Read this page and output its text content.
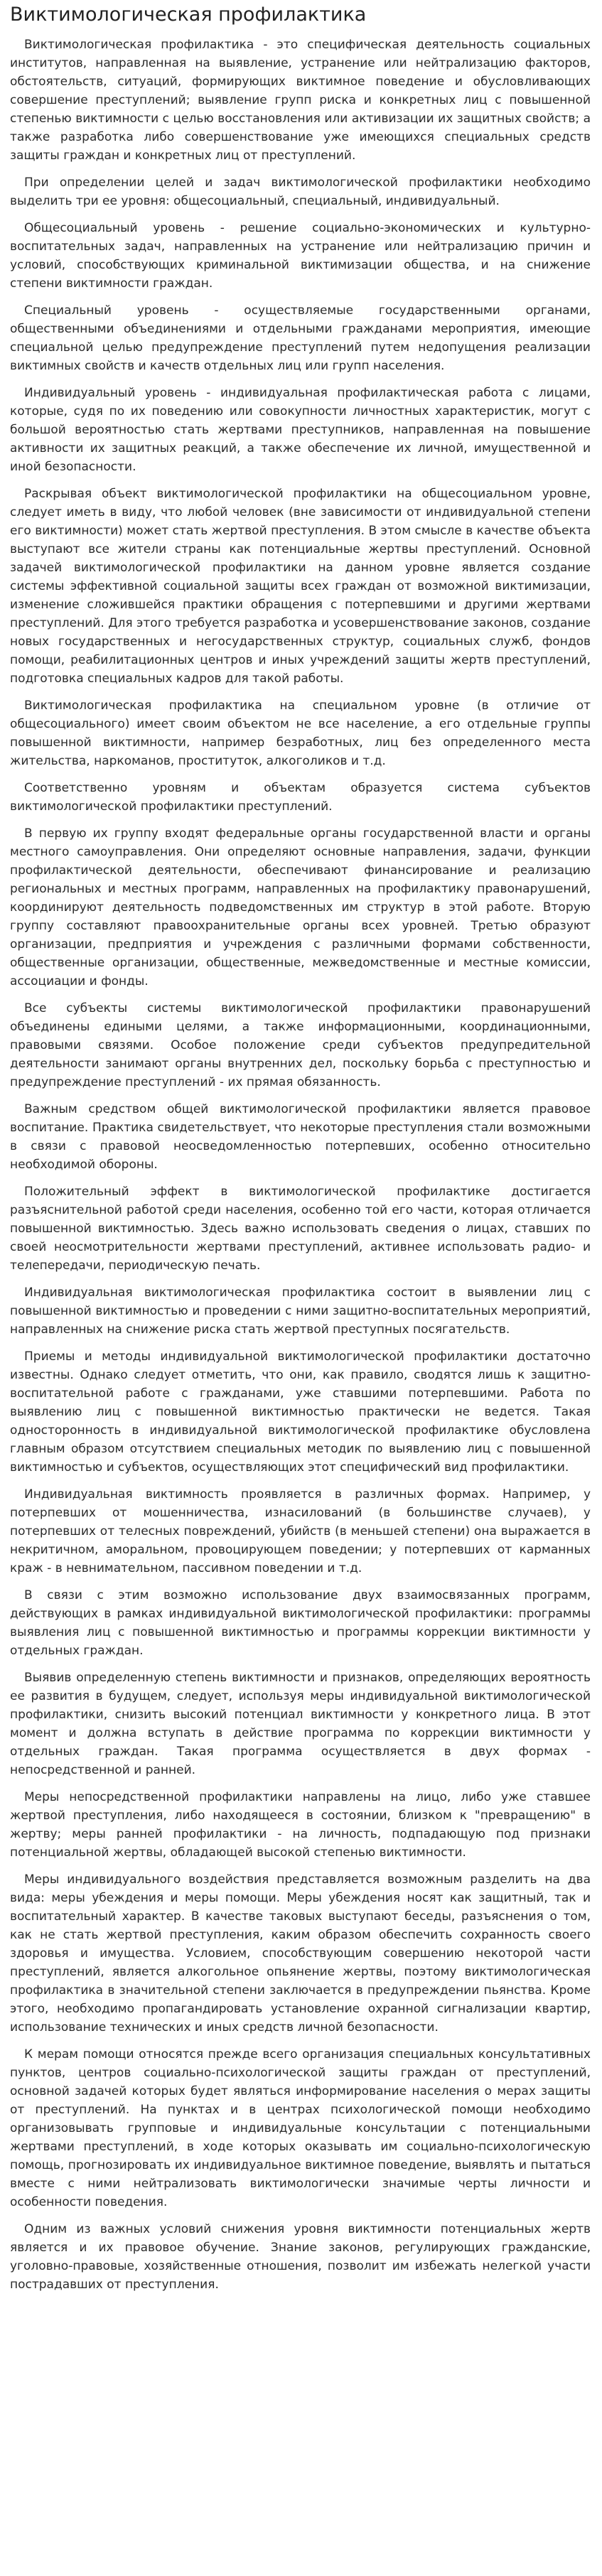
Виктимологическая профилактика

Виктимологическая профилактика - это специфическая деятельность социальных институтов, направленная на выявление, устранение или нейтрализацию факторов, обстоятельств, ситуаций, формирующих виктимное поведение и обусловливающих совершение преступлений; выявление групп риска и конкретных лиц с повышенной степенью виктимности с целью восстановления или активизации их защитных свойств; а также разработка либо совершенствование уже имеющихся специальных средств защиты граждан и конкретных лиц от преступлений.

При определении целей и задач виктимологической профилактики необходимо выделить три ее уровня: общесоциальный, специальный, индивидуальный.

Общесоциальный уровень - решение социально-экономических и культурно-воспитательных задач, направленных на устранение или нейтрализацию причин и условий, способствующих криминальной виктимизации общества, и на снижение степени виктимности граждан.

Специальный уровень - осуществляемые государственными органами, общественными объединениями и отдельными гражданами мероприятия, имеющие специальной целью предупреждение преступлений путем недопущения реализации виктимных свойств и качеств отдельных лиц или групп населения.

Индивидуальный уровень - индивидуальная профилактическая работа с лицами, которые, судя по их поведению или совокупности личностных характеристик, могут с большой вероятностью стать жертвами преступников, направленная на повышение активности их защитных реакций, а также обеспечение их личной, имущественной и иной безопасности.

Раскрывая объект виктимологической профилактики на общесоциальном уровне, следует иметь в виду, что любой человек (вне зависимости от индивидуальной степени его виктимности) может стать жертвой преступления. В этом смысле в качестве объекта выступают все жители страны как потенциальные жертвы преступлений. Основной задачей виктимологической профилактики на данном уровне является создание системы эффективной социальной защиты всех граждан от возможной виктимизации, изменение сложившейся практики обращения с потерпевшими и другими жертвами преступлений. Для этого требуется разработка и усовершенствование законов, создание новых государственных и негосударственных структур, социальных служб, фондов помощи, реабилитационных центров и иных учреждений защиты жертв преступлений, подготовка специальных кадров для такой работы.

Виктимологическая профилактика на специальном уровне (в отличие от общесоциального) имеет своим объектом не все население, а его отдельные группы повышенной виктимности, например безработных, лиц без определенного места жительства, наркоманов, проституток, алкоголиков и т.д.

Соответственно уровням и объектам образуется система субъектов виктимологической профилактики преступлений.

В первую их группу входят федеральные органы государственной власти и органы местного самоуправления. Они определяют основные направления, задачи, функции профилактической деятельности, обеспечивают финансирование и реализацию региональных и местных программ, направленных на профилактику правонарушений, координируют деятельность подведомственных им структур в этой работе. Вторую группу составляют правоохранительные органы всех уровней. Третью образуют организации, предприятия и учреждения с различными формами собственности, общественные организации, общественные, межведомственные и местные комиссии, ассоциации и фонды.

Все субъекты системы виктимологической профилактики правонарушений объединены едиными целями, а также информационными, координационными, правовыми связями. Особое положение среди субъектов предупредительной деятельности занимают органы внутренних дел, поскольку борьба с преступностью и предупреждение преступлений - их прямая обязанность.

Важным средством общей виктимологической профилактики является правовое воспитание. Практика свидетельствует, что некоторые преступления стали возможными в связи с правовой неосведомленностью потерпевших, особенно относительно необходимой обороны.

Положительный эффект в виктимологической профилактике достигается разъяснительной работой среди населения, особенно той его части, которая отличается повышенной виктимностью. Здесь важно использовать сведения о лицах, ставших по своей неосмотрительности жертвами преступлений, активнее использовать радио- и телепередачи, периодическую печать.

Индивидуальная виктимологическая профилактика состоит в выявлении лиц с повышенной виктимностью и проведении с ними защитно-воспитательных мероприятий, направленных на снижение риска стать жертвой преступных посягательств.

Приемы и методы индивидуальной виктимологической профилактики достаточно известны. Однако следует отметить, что они, как правило, сводятся лишь к защитно-воспитательной работе с гражданами, уже ставшими потерпевшими. Работа по выявлению лиц с повышенной виктимностью практически не ведется. Такая односторонность в индивидуальной виктимологической профилактике обусловлена главным образом отсутствием специальных методик по выявлению лиц с повышенной виктимностью и субъектов, осуществляющих этот специфический вид профилактики.

Индивидуальная виктимность проявляется в различных формах. Например, у потерпевших от мошенничества, изнасилований (в большинстве случаев), у потерпевших от телесных повреждений, убийств (в меньшей степени) она выражается в некритичном, аморальном, провоцирующем поведении; у потерпевших от карманных краж - в невнимательном, пассивном поведении и т.д.

В связи с этим возможно использование двух взаимосвязанных программ, действующих в рамках индивидуальной виктимологической профилактики: программы выявления лиц с повышенной виктимностью и программы коррекции виктимности у отдельных граждан.

Выявив определенную степень виктимности и признаков, определяющих вероятность ее развития в будущем, следует, используя меры индивидуальной виктимологической профилактики, снизить высокий потенциал виктимности у конкретного лица. В этот момент и должна вступать в действие программа по коррекции виктимности у отдельных граждан. Такая программа осуществляется в двух формах - непосредственной и ранней.

Меры непосредственной профилактики направлены на лицо, либо уже ставшее жертвой преступления, либо находящееся в состоянии, близком к "превращению" в жертву; меры ранней профилактики - на личность, подпадающую под признаки потенциальной жертвы, обладающей высокой степенью виктимности.

Меры индивидуального воздействия представляется возможным разделить на два вида: меры убеждения и меры помощи. Меры убеждения носят как защитный, так и воспитательный характер. В качестве таковых выступают беседы, разъяснения о том, как не стать жертвой преступления, каким образом обеспечить сохранность своего здоровья и имущества. Условием, способствующим совершению некоторой части преступлений, является алкогольное опьянение жертвы, поэтому виктимологическая профилактика в значительной степени заключается в предупреждении пьянства. Кроме этого, необходимо пропагандировать установление охранной сигнализации квартир, использование технических и иных средств личной безопасности.

К мерам помощи относятся прежде всего организация специальных консультативных пунктов, центров социально-психологической защиты граждан от преступлений, основной задачей которых будет являться информирование населения о мерах защиты от преступлений. На пунктах и в центрах психологической помощи необходимо организовывать групповые и индивидуальные консультации с потенциальными жертвами преступлений, в ходе которых оказывать им социально-психологическую помощь, прогнозировать их индивидуальное виктимное поведение, выявлять и пытаться вместе с ними нейтрализовать виктимологически значимые черты личности и особенности поведения.

Одним из важных условий снижения уровня виктимности потенциальных жертв является и их правовое обучение. Знание законов, регулирующих гражданские, уголовно-правовые, хозяйственные отношения, позволит им избежать нелегкой участи пострадавших от преступления.
